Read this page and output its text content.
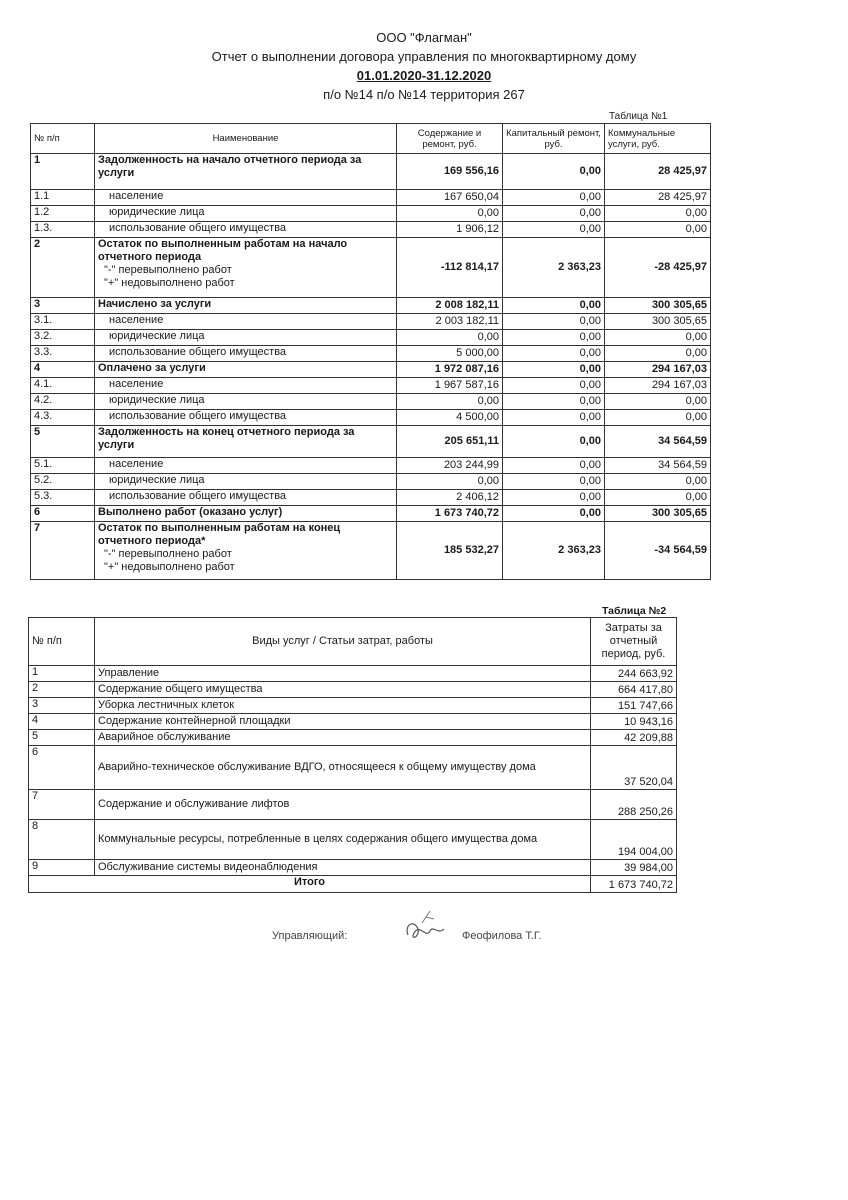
ООО "Флагман"
Отчет о выполнении договора управления по многоквартирному дому
01.01.2020-31.12.2020
п/о №14 п/о №14 территория 267
Таблица №1
№ п/п	Наименование	Содержание и ремонт, руб.	Капитальный ремонт, руб.	Коммунальные услуги, руб.
1	Задолженность на начало отчетного периода за услуги	169 556,16	0,00	28 425,97
1.1	население	167 650,04	0,00	28 425,97
1.2	юридические лица	0,00	0,00	0,00
1.3.	использование общего имущества	1 906,12	0,00	0,00
2	Остаток по выполненным работам на начало отчетного периода
"-" перевыполнено работ
"+" недовыполнено работ	-112 814,17	2 363,23	-28 425,97
3	Начислено за услуги	2 008 182,11	0,00	300 305,65
3.1.	население	2 003 182,11	0,00	300 305,65
3.2.	юридические лица	0,00	0,00	0,00
3.3.	использование общего имущества	5 000,00	0,00	0,00
4	Оплачено за услуги	1 972 087,16	0,00	294 167,03
4.1.	население	1 967 587,16	0,00	294 167,03
4.2.	юридические лица	0,00	0,00	0,00
4.3.	использование общего имущества	4 500,00	0,00	0,00
5	Задолженность на конец отчетного периода за услуги	205 651,11	0,00	34 564,59
5.1.	население	203 244,99	0,00	34 564,59
5.2.	юридические лица	0,00	0,00	0,00
5.3.	использование общего имущества	2 406,12	0,00	0,00
6	Выполнено работ (оказано услуг)	1 673 740,72	0,00	300 305,65
7	Остаток по выполненным работам на конец отчетного периода*
"-" перевыполнено работ
"+" недовыполнено работ	185 532,27	2 363,23	-34 564,59
Таблица №2
№ п/п	Виды услуг / Статьи затрат, работы	Затраты за отчетный период, руб.
1	Управление	244 663,92
2	Содержание общего имущества	664 417,80
3	Уборка лестничных клеток	151 747,66
4	Содержание контейнерной площадки	10 943,16
5	Аварийное обслуживание	42 209,88
6	Аварийно-техническое обслуживание ВДГО, относящееся к общему имуществу дома	37 520,04
7	Содержание и обслуживание лифтов	288 250,26
8	Коммунальные ресурсы, потребленные в целях содержания общего имущества дома	194 004,00
9	Обслуживание системы видеонаблюдения	39 984,00
Итого		1 673 740,72
Управляющий:	Феофилова Т.Г.
